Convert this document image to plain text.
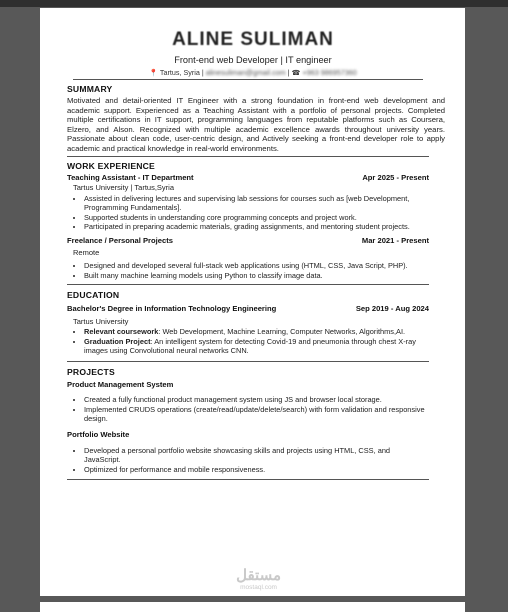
ALINE SULIMAN
Front-end web Developer | IT engineer
📍 Tartus, Syria | alinesuliman@gmail.com | ☎ +963 986957360
SUMMARY
Motivated and detail-oriented IT Engineer with a strong foundation in front-end web development and academic support. Experienced as a Teaching Assistant with a portfolio of personal projects. Completed multiple certifications in IT support, programming languages from reputable platforms such as Coursera, Elzero, and Alson. Recognized with multiple academic excellence awards throughout university years. Passionate about clean code, user-centric design, and Actively seeking a front-end developer role to apply academic and practical knowledge in real-world environments.
WORK EXPERIENCE
Teaching Assistant - IT Department	Apr 2025 - Present
Tartus University | Tartus,Syria
• Assisted in delivering lectures and supervising lab sessions for courses such as [web Development, Programming Fundamentals].
• Supported students in understanding core programming concepts and project work.
• Participated in preparing academic materials, grading assignments, and mentoring student projects.
Freelance / Personal Projects	Mar 2021 - Present
Remote
• Designed and developed several full-stack web applications using (HTML, CSS, Java Script, PHP).
• Built many machine learning models using Python to classify image data.
EDUCATION
Bachelor's Degree in Information Technology Engineering	Sep 2019 - Aug 2024
Tartus University
• Relevant coursework: Web Development, Machine Learning, Computer Networks, Algorithms,AI.
• Graduation Project: An intelligent system for detecting Covid-19 and pneumonia through chest X-ray images using Convolutional neural networks CNN.
PROJECTS
Product Management System
• Created a fully functional product management system using JS and browser local storage.
• Implemented CRUDS operations (create/read/update/delete/search) with form validation and responsive design.
Portfolio Website
• Developed a personal portfolio website showcasing skills and projects using HTML, CSS, and JavaScript.
• Optimized for performance and mobile responsiveness.
مستقل
mostaql.com
